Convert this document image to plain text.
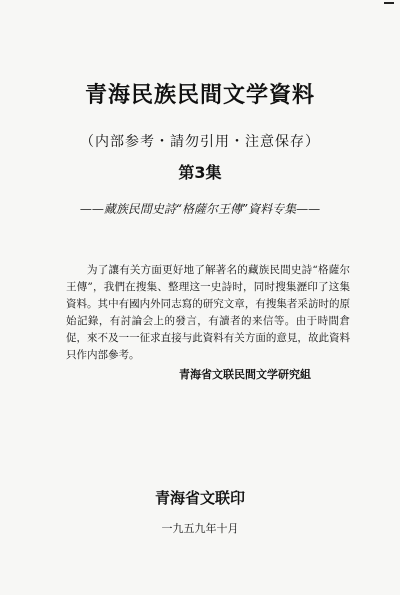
青海民族民間文学資料
（内部参考・請勿引用・注意保存）
第3集
——藏族民間史詩“格薩尔王傳”資料专集——
为了讓有关方面更好地了解著名的藏族民間史詩“格薩尔王傳”，我們在搜集、整理这一史詩时，同时搜集瀝印了这集資料。其中有國内外同志寫的研究文章，有搜集者采訪时的原始記錄，有討論会上的發言，有讀者的来信等。由于時間倉促，來不及一一征求直接与此資料有关方面的意見，故此資料只作内部參考。
青海省文联民間文学研究組
青海省文联印
一九五九年十月
